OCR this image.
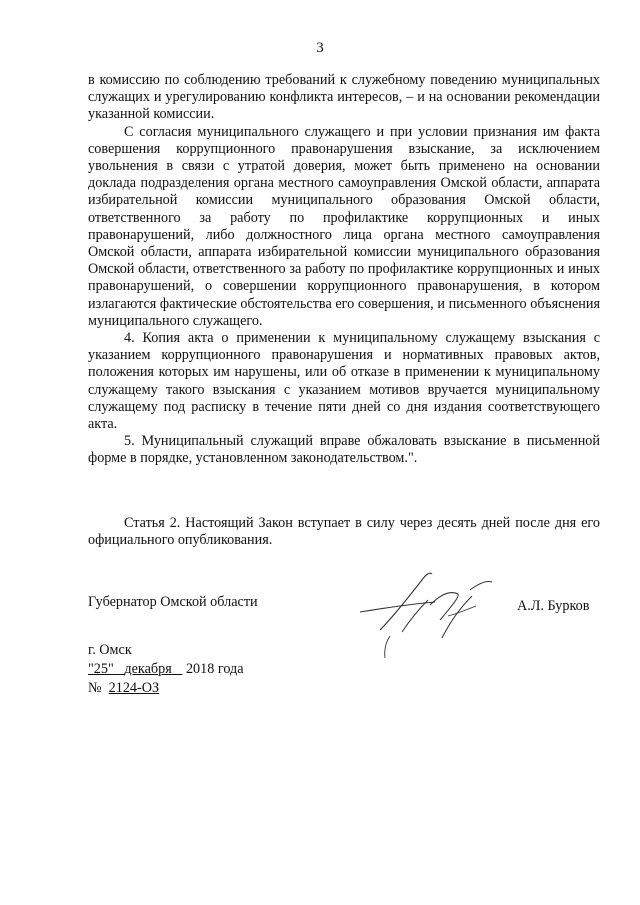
3

в комиссию по соблюдению требований к служебному поведению муниципальных служащих и урегулированию конфликта интересов, – и на основании рекомендации указанной комиссии.

С согласия муниципального служащего и при условии признания им факта совершения коррупционного правонарушения взыскание, за исключением увольнения в связи с утратой доверия, может быть применено на основании доклада подразделения органа местного самоуправления Омской области, аппарата избирательной комиссии муниципального образования Омской области, ответственного за работу по профилактике коррупционных и иных правонарушений, либо должностного лица органа местного самоуправления Омской области, аппарата избирательной комиссии муниципального образования Омской области, ответственного за работу по профилактике коррупционных и иных правонарушений, о совершении коррупционного правонарушения, в котором излагаются фактические обстоятельства его совершения, и письменного объяснения муниципального служащего.

4. Копия акта о применении к муниципальному служащему взыскания с указанием коррупционного правонарушения и нормативных правовых актов, положения которых им нарушены, или об отказе в применении к муниципальному служащему такого взыскания с указанием мотивов вручается муниципальному служащему под расписку в течение пяти дней со дня издания соответствующего акта.

5. Муниципальный служащий вправе обжаловать взыскание в письменной форме в порядке, установленном законодательством.".

Статья 2. Настоящий Закон вступает в силу через десять дней после дня его официального опубликования.

Губернатор Омской области	А.Л. Бурков
г. Омск
"25" декабря 2018 года
№ 2124-ОЗ
